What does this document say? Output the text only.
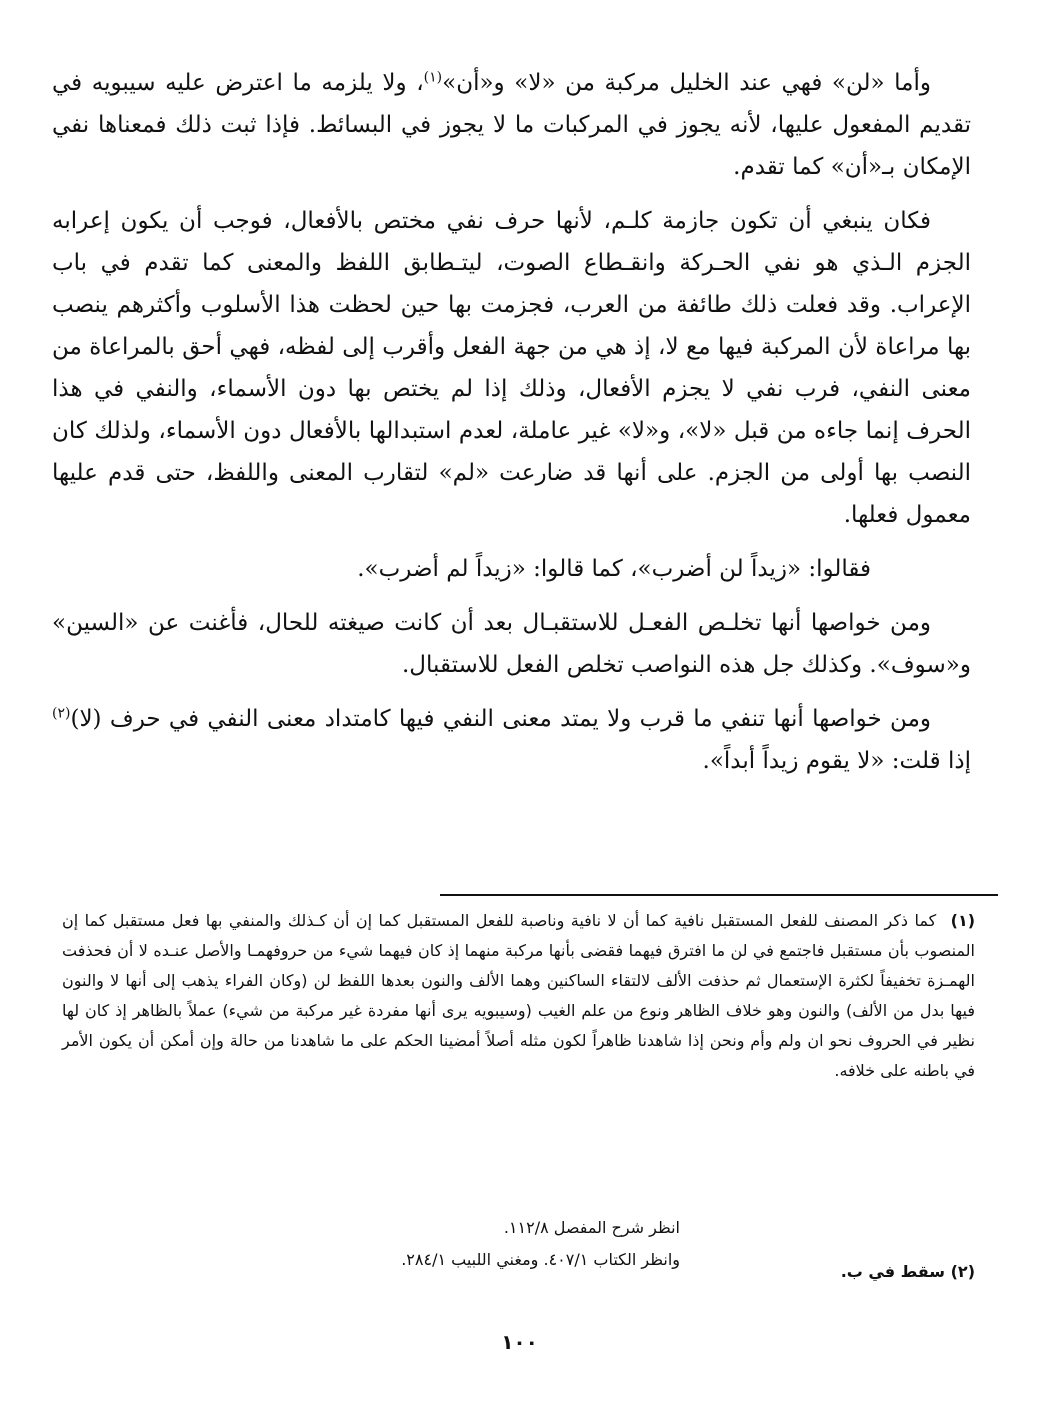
وأما «لن» فهي عند الخليل مركبة من «لا» و«أن»$^{(١)}$، ولا يلزمه ما اعترض عليه سيبويه في تقديم المفعول عليها، لأنه يجوز في المركبات ما لا يجوز في البسائط. فإذا ثبت ذلك فمعناها نفي الإمكان بـ«أن» كما تقدم.

فكان ينبغي أن تكون جازمة كلـم، لأنها حرف نفي مختص بالأفعال، فوجب أن يكون إعرابه الجزم الـذي هو نفي الحـركة وانقـطاع الصوت، ليتـطابق اللفظ والمعنى كما تقدم في باب الإعراب. وقد فعلت ذلك طائفة من العرب، فجزمت بها حين لحظت هذا الأسلوب وأكثرهم ينصب بها مراعاة لأن المركبة فيها مع لا، إذ هي من جهة الفعل وأقرب إلى لفظه، فهي أحق بالمراعاة من معنى النفي، فرب نفي لا يجزم الأفعال، وذلك إذا لم يختص بها دون الأسماء، والنفي في هذا الحرف إنما جاءه من قبل «لا»، و«لا» غير عاملة، لعدم استبدالها بالأفعال دون الأسماء، ولذلك كان النصب بها أولى من الجزم. على أنها قد ضارعت «لم» لتقارب المعنى واللفظ، حتى قدم عليها معمول فعلها.

فقالوا: «زيداً لن أضرب»، كما قالوا: «زيداً لم أضرب».

ومن خواصها أنها تخلـص الفعـل للاستقبـال بعد أن كانت صيغته للحال، فأغنت عن «السين» و«سوف». وكذلك جل هذه النواصب تخلص الفعل للاستقبال.

ومن خواصها أنها تنفي ما قرب ولا يمتد معنى النفي فيها كامتداد معنى النفي في حرف (لا)$^{(٢)}$ إذا قلت: «لا يقوم زيداً أبداً».

(١) كما ذكر المصنف للفعل المستقبل نافية كما أن لا نافية وناصبة للفعل المستقبل كما إن أن كـذلك والمنفي بها فعل مستقبل كما إن المنصوب بأن مستقبل فاجتمع في لن ما افترق فيهما فقضى بأنها مركبة منهما إذ كان فيهما شيء من حروفهمـا والأصل عنـده لا أن فحذفت الهمـزة تخفيفاً لكثرة الإستعمال ثم حذفت الألف لالتقاء الساكنين وهما الألف والنون بعدها اللفظ لن (وكان الفراء يذهب إلى أنها لا والنون فيها بدل من الألف) والنون وهو خلاف الظاهر ونوع من علم الغيب (وسيبويه يرى أنها مفردة غير مركبة من شيء) عملاً بالظاهر إذ كان لها نظير في الحروف نحو ان ولم وأم ونحن إذا شاهدنا ظاهراً لكون مثله أصلاً أمضينا الحكم على ما شاهدنا من حالة وإن أمكن أن يكون الأمر في باطنه على خلافه.
انظر شرح المفصل ١١٢/٨.
وانظر الكتاب ٤٠٧/١. ومغني اللبيب ٢٨٤/١.
(٢) سقط في ب.
١٠٠
